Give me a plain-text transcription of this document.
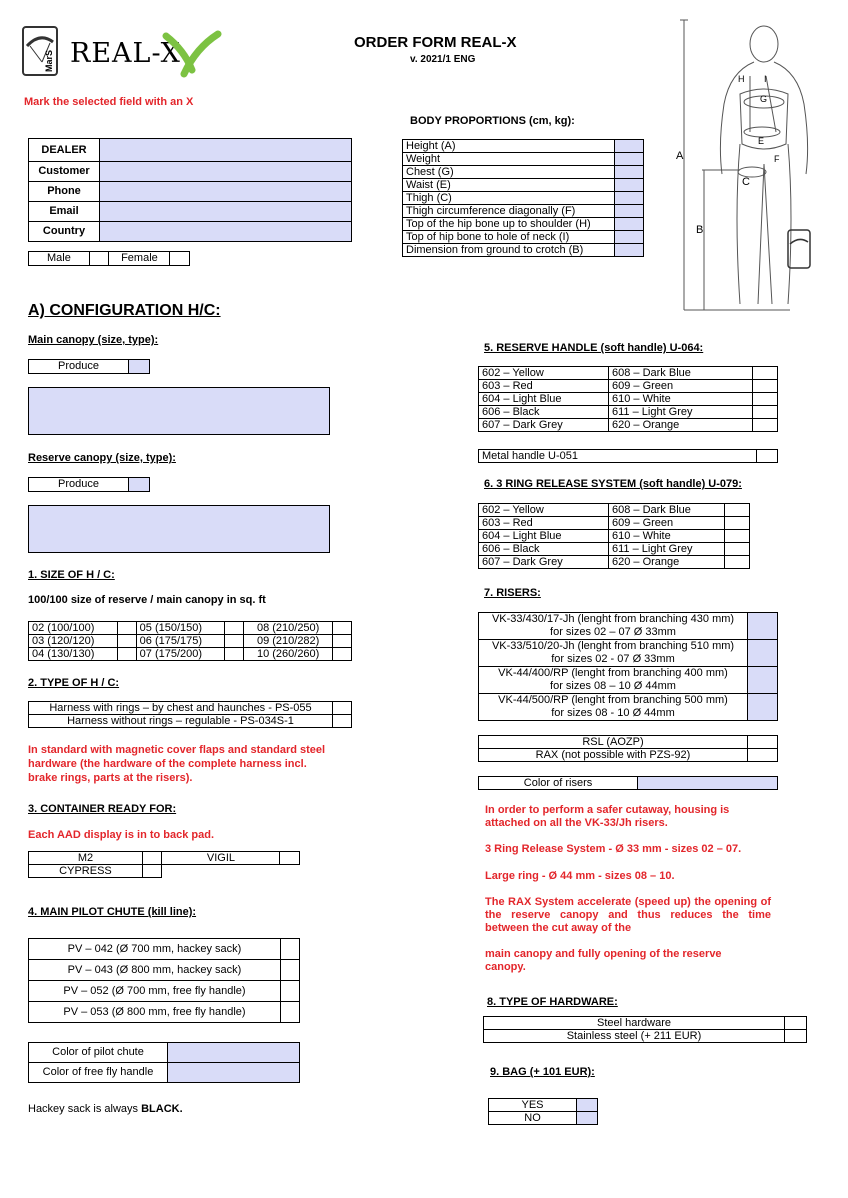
MarS REAL-X	ORDER FORM REAL-X
v. 2021/1 ENG
Mark the selected field with an X
DEALER	
Customer	
Phone	
Email	
Country	
Male		Female	
BODY PROPORTIONS (cm, kg):
Height (A)	
Weight	
Chest (G)	
Waist (E)	
Thigh (C)	
Thigh circumference diagonally (F)	
Top of the hip bone up to shoulder (H)	
Top of hip bone to hole of neck (I)	
Dimension from ground to crotch (B)	
A
B
C
E
F
G
H I
A) CONFIGURATION H/C:
Main canopy (size, type):
Produce	
Reserve canopy (size, type):
Produce	
1. SIZE OF H / C:
100/100 size of reserve / main canopy in sq. ft
02 (100/100)		05 (150/150)		08 (210/250)	
03 (120/120)		06 (175/175)		09 (210/282)	
04 (130/130)		07 (175/200)		10 (260/260)	
2. TYPE OF H / C:
Harness with rings – by chest and haunches - PS-055	
Harness without rings – regulable - PS-034S-1	
In standard with magnetic cover flaps and standard steel hardware (the hardware of the complete harness incl. brake rings, parts at the risers).
3. CONTAINER READY FOR:
Each AAD display is in to back pad.
M2		VIGIL	
CYPRESS			
4. MAIN PILOT CHUTE (kill line):
PV – 042 (Ø 700 mm, hackey sack)	
PV – 043 (Ø 800 mm, hackey sack)	
PV – 052 (Ø 700 mm, free fly handle)	
PV – 053 (Ø 800 mm, free fly handle)	
Color of pilot chute	
Color of free fly handle	
Hackey sack is always BLACK.
5. RESERVE HANDLE (soft handle) U-064:
602 – Yellow	608 – Dark Blue	
603 – Red	609 – Green	
604 – Light Blue	610 – White	
606 – Black	611 – Light Grey	
607 – Dark Grey	620 – Orange	
Metal handle U-051	
6. 3 RING RELEASE SYSTEM (soft handle) U-079:
602 – Yellow	608 – Dark Blue	
603 – Red	609 – Green	
604 – Light Blue	610 – White	
606 – Black	611 – Light Grey	
607 – Dark Grey	620 – Orange	
7. RISERS:
VK-33/430/17-Jh (lenght from branching 430 mm)
for sizes 02 – 07 Ø 33mm	

VK-33/510/20-Jh (lenght from branching 510 mm)
for sizes 02 - 07 Ø 33mm	

VK-44/400/RP (lenght from branching 400 mm)
for sizes 08 – 10 Ø 44mm	

VK-44/500/RP (lenght from branching 500 mm)
for sizes 08 - 10 Ø 44mm	

RSL (AOZP)	
RAX (not possible with PZS-92)	
Color of risers	
In order to perform a safer cutaway, housing is attached on all the VK-33/Jh risers.
3 Ring Release System - Ø 33 mm - sizes 02 – 07.
Large ring - Ø 44 mm - sizes 08 – 10.
The RAX System accelerate (speed up) the opening of the reserve canopy and thus reduces the time between the cut away of the
main canopy and fully opening of the reserve canopy.
8. TYPE OF HARDWARE:
Steel hardware	
Stainless steel (+ 211 EUR)	
9. BAG (+ 101 EUR):
YES	
NO	
